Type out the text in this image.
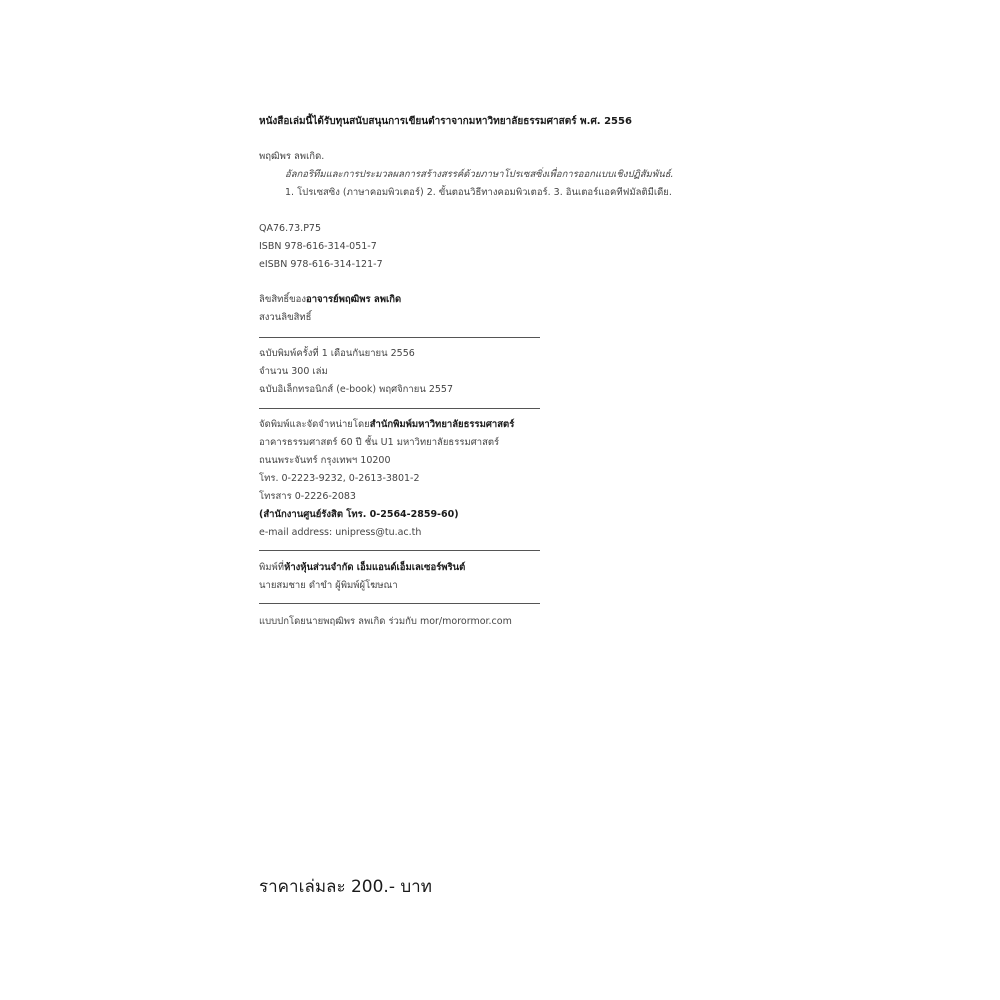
หนังสือเล่มนี้ได้รับทุนสนับสนุนการเขียนตำราจากมหาวิทยาลัยธรรมศาสตร์ พ.ศ. 2556
พฤฒิพร ลพเกิด.
อัลกอริทึมและการประมวลผลการสร้างสรรค์ด้วยภาษาโปรเซสซิ่งเพื่อการออกแบบเชิงปฏิสัมพันธ์.
1. โปรเซสซิง (ภาษาคอมพิวเตอร์) 2. ขั้นตอนวิธีทางคอมพิวเตอร์. 3. อินเตอร์แอคทีฟมัลติมีเดีย.
QA76.73.P75
ISBN 978-616-314-051-7
eISBN 978-616-314-121-7
ลิขสิทธิ์ของอาจารย์พฤฒิพร ลพเกิด
สงวนลิขสิทธิ์
ฉบับพิมพ์ครั้งที่ 1 เดือนกันยายน 2556
จำนวน 300 เล่ม
ฉบับอิเล็กทรอนิกส์ (e-book) พฤศจิกายน 2557
จัดพิมพ์และจัดจำหน่ายโดยสำนักพิมพ์มหาวิทยาลัยธรรมศาสตร์
อาคารธรรมศาสตร์ 60 ปี ชั้น U1 มหาวิทยาลัยธรรมศาสตร์
ถนนพระจันทร์ กรุงเทพฯ 10200
โทร. 0-2223-9232, 0-2613-3801-2
โทรสาร 0-2226-2083
(สำนักงานศูนย์รังสิต โทร. 0-2564-2859-60)
e-mail address: unipress@tu.ac.th
พิมพ์ที่ห้างหุ้นส่วนจำกัด เอ็มแอนด์เอ็มเลเซอร์พรินต์
นายสมชาย ดำขำ ผู้พิมพ์ผู้โฆษณา
แบบปกโดยนายพฤฒิพร ลพเกิด ร่วมกับ mor/morormor.com
ราคาเล่มละ 200.- บาท
